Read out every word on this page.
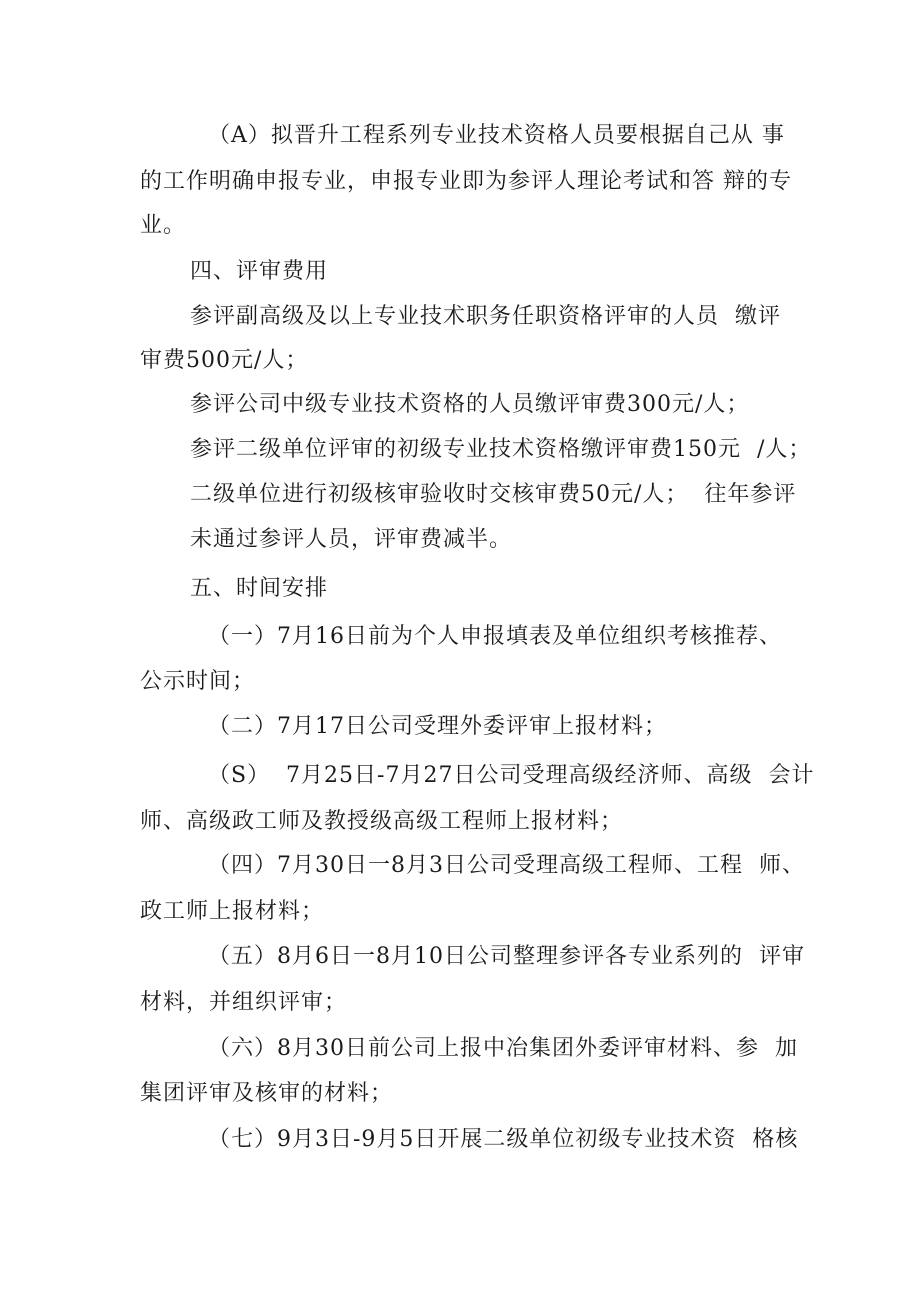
（A）拟晋升工程系列专业技术资格人员要根据自己从 事
的工作明确申报专业，申报专业即为参评人理论考试和答 辩的专
业。
四、评审费用
参评副高级及以上专业技术职务任职资格评审的人员  缴评
审费500元/人；
参评公司中级专业技术资格的人员缴评审费300元/人；
参评二级单位评审的初级专业技术资格缴评审费150元  /人；
二级单位进行初级核审验收时交核审费50元/人；  往年参评
未通过参评人员，评审费减半。
五、时间安排
（一）7月16日前为个人申报填表及单位组织考核推荐、
公示时间；
（二）7月17日公司受理外委评审上报材料；
（S）  7月25日-7月27日公司受理高级经济师、高级  会计
师、高级政工师及教授级高级工程师上报材料；
（四）7月30日一8月3日公司受理高级工程师、工程  师、
政工师上报材料；
（五）8月6日一8月10日公司整理参评各专业系列的  评审
材料，并组织评审；
（六）8月30日前公司上报中冶集团外委评审材料、参  加
集团评审及核审的材料；
（七）9月3日-9月5日开展二级单位初级专业技术资  格核
